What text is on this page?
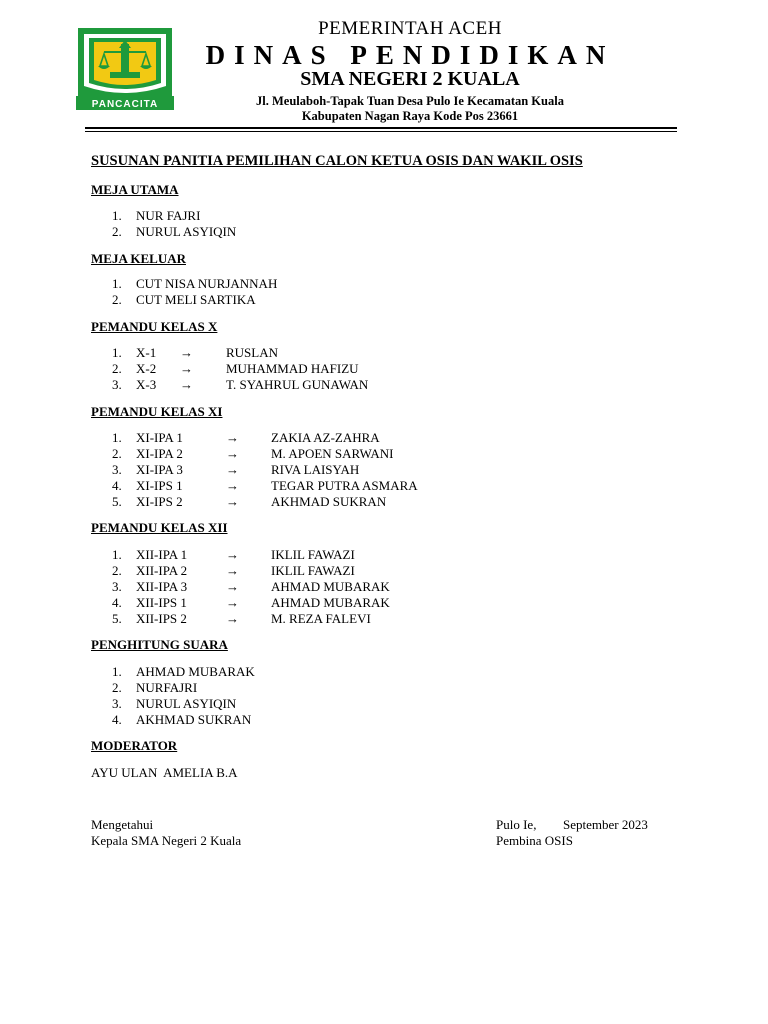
PANCACITA
PEMERINTAH ACEH
DINAS PENDIDIKAN
SMA NEGERI 2 KUALA
Jl. Meulaboh-Tapak Tuan Desa Pulo Ie Kecamatan Kuala
Kabupaten Nagan Raya Kode Pos 23661
SUSUNAN PANITIA PEMILIHAN CALON KETUA OSIS DAN WAKIL OSIS
MEJA UTAMA
1.	NUR FAJRI
2.	NURUL ASYIQIN
MEJA KELUAR
1.	CUT NISA NURJANNAH
2.	CUT MELI SARTIKA
PEMANDU KELAS X
1.	X-1 →	RUSLAN
2.	X-2 →	MUHAMMAD HAFIZU
3.	X-3 →	T. SYAHRUL GUNAWAN
PEMANDU KELAS XI
1.	XI-IPA 1	→ ZAKIA AZ-ZAHRA
2.	XI-IPA 2	→ M. APOEN SARWANI
3.	XI-IPA 3	→ RIVA LAISYAH
4.	XI-IPS 1	→ TEGAR PUTRA ASMARA
5.	XI-IPS 2	→ AKHMAD SUKRAN
PEMANDU KELAS XII
1.	XII-IPA 1	→ IKLIL FAWAZI
2.	XII-IPA 2	→ IKLIL FAWAZI
3.	XII-IPA 3	→ AHMAD MUBARAK
4.	XII-IPS 1	→ AHMAD MUBARAK
5.	XII-IPS 2	→ M. REZA FALEVI
PENGHITUNG SUARA
1.	AHMAD MUBARAK
2.	NURFAJRI
3.	NURUL ASYIQIN
4.	AKHMAD SUKRAN
MODERATOR
AYU ULAN  AMELIA B.A
Mengetahui
Kepala SMA Negeri 2 Kuala
Pulo Ie, September 2023
Pembina OSIS
